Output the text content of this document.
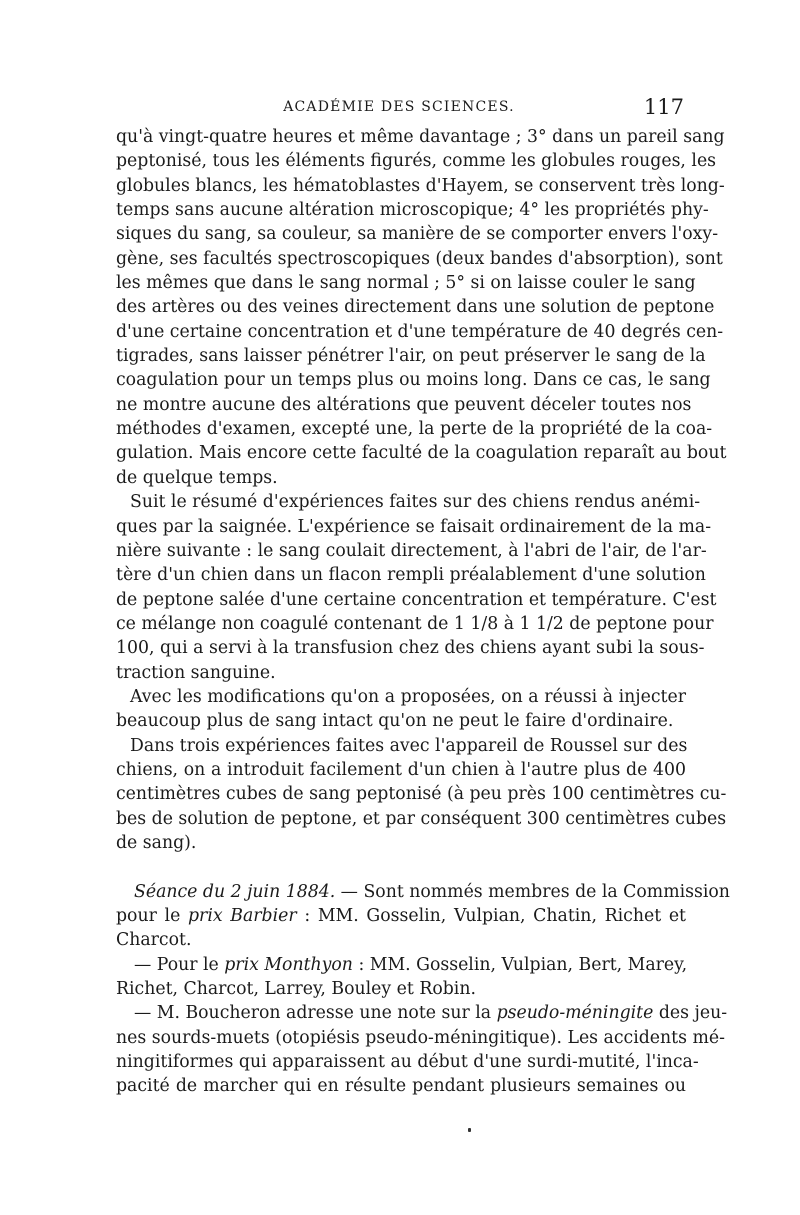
ACADÉMIE DES SCIENCES.	117
qu'à vingt-quatre heures et même davantage ; 3° dans un pareil sang
peptonisé, tous les éléments figurés, comme les globules rouges, les
globules blancs, les hématoblastes d'Hayem, se conservent très long-
temps sans aucune altération microscopique; 4° les propriétés phy-
siques du sang, sa couleur, sa manière de se comporter envers l'oxy-
gène, ses facultés spectroscopiques (deux bandes d'absorption), sont
les mêmes que dans le sang normal ; 5° si on laisse couler le sang
des artères ou des veines directement dans une solution de peptone
d'une certaine concentration et d'une température de 40 degrés cen-
tigrades, sans laisser pénétrer l'air, on peut préserver le sang de la
coagulation pour un temps plus ou moins long. Dans ce cas, le sang
ne montre aucune des altérations que peuvent déceler toutes nos
méthodes d'examen, excepté une, la perte de la propriété de la coa-
gulation. Mais encore cette faculté de la coagulation reparaît au bout
de quelque temps.
Suit le résumé d'expériences faites sur des chiens rendus anémi-
ques par la saignée. L'expérience se faisait ordinairement de la ma-
nière suivante : le sang coulait directement, à l'abri de l'air, de l'ar-
tère d'un chien dans un flacon rempli préalablement d'une solution
de peptone salée d'une certaine concentration et température. C'est
ce mélange non coagulé contenant de 1 1/8 à 1 1/2 de peptone pour
100, qui a servi à la transfusion chez des chiens ayant subi la sous-
traction sanguine.
Avec les modifications qu'on a proposées, on a réussi à injecter
beaucoup plus de sang intact qu'on ne peut le faire d'ordinaire.
Dans trois expériences faites avec l'appareil de Roussel sur des
chiens, on a introduit facilement d'un chien à l'autre plus de 400
centimètres cubes de sang peptonisé (à peu près 100 centimètres cu-
bes de solution de peptone, et par conséquent 300 centimètres cubes
de sang).
Séance du 2 juin 1884. — Sont nommés membres de la Commission
pour le prix Barbier : MM. Gosselin, Vulpian, Chatin, Richet et
Charcot.
— Pour le prix Monthyon : MM. Gosselin, Vulpian, Bert, Marey,
Richet, Charcot, Larrey, Bouley et Robin.
— M. Boucheron adresse une note sur la pseudo-méningite des jeu-
nes sourds-muets (otopiésis pseudo-méningitique). Les accidents mé-
ningitiformes qui apparaissent au début d'une surdi-mutité, l'inca-
pacité de marcher qui en résulte pendant plusieurs semaines ou
